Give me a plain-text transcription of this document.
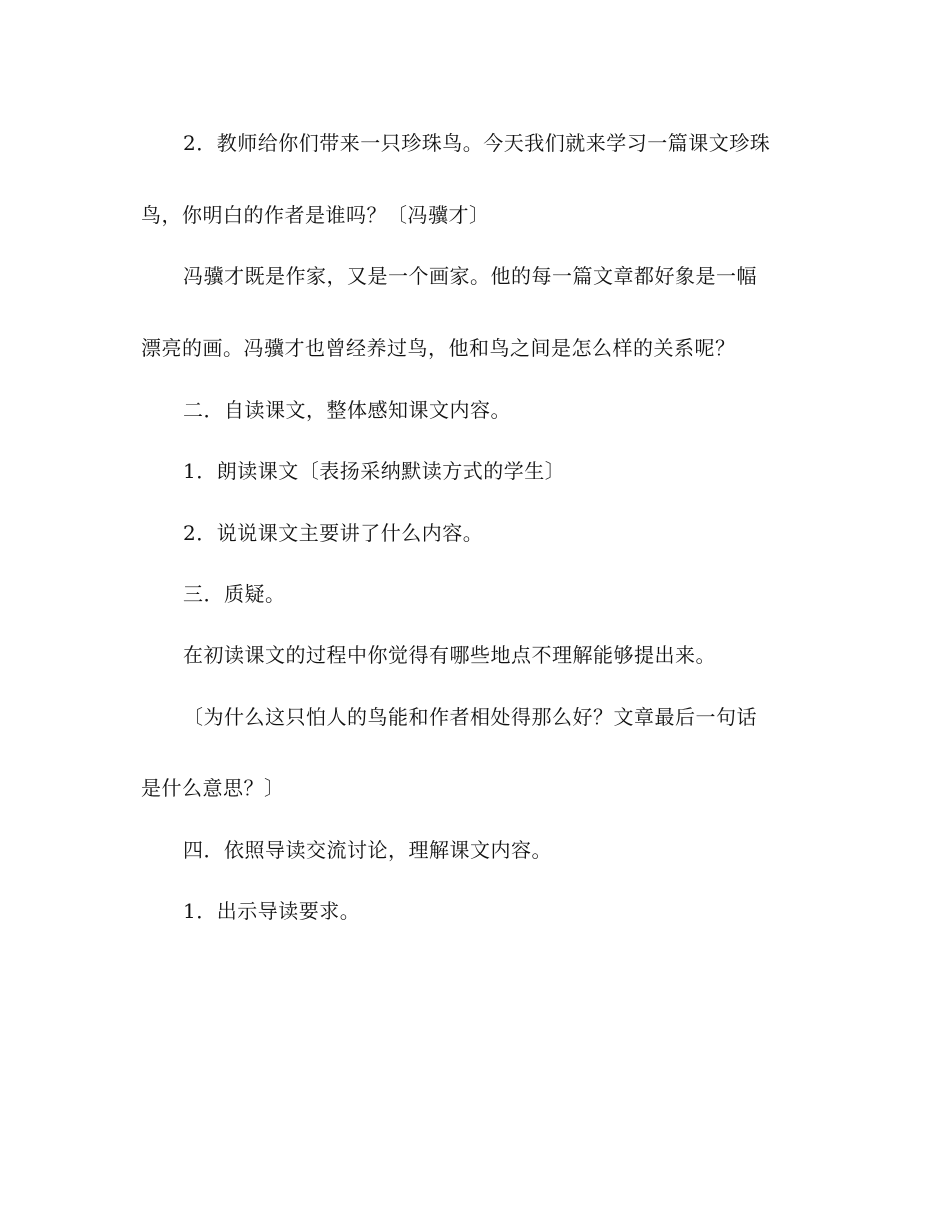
2．教师给你们带来一只珍珠鸟。今天我们就来学习一篇课文珍珠
鸟，你明白的作者是谁吗？〔冯骥才〕
冯骥才既是作家，又是一个画家。他的每一篇文章都好象是一幅
漂亮的画。冯骥才也曾经养过鸟，他和鸟之间是怎么样的关系呢？
二．自读课文，整体感知课文内容。
1．朗读课文〔表扬采纳默读方式的学生〕
2．说说课文主要讲了什么内容。
三．质疑。
在初读课文的过程中你觉得有哪些地点不理解能够提出来。
〔为什么这只怕人的鸟能和作者相处得那么好？文章最后一句话
是什么意思？〕
四．依照导读交流讨论，理解课文内容。
1．出示导读要求。
